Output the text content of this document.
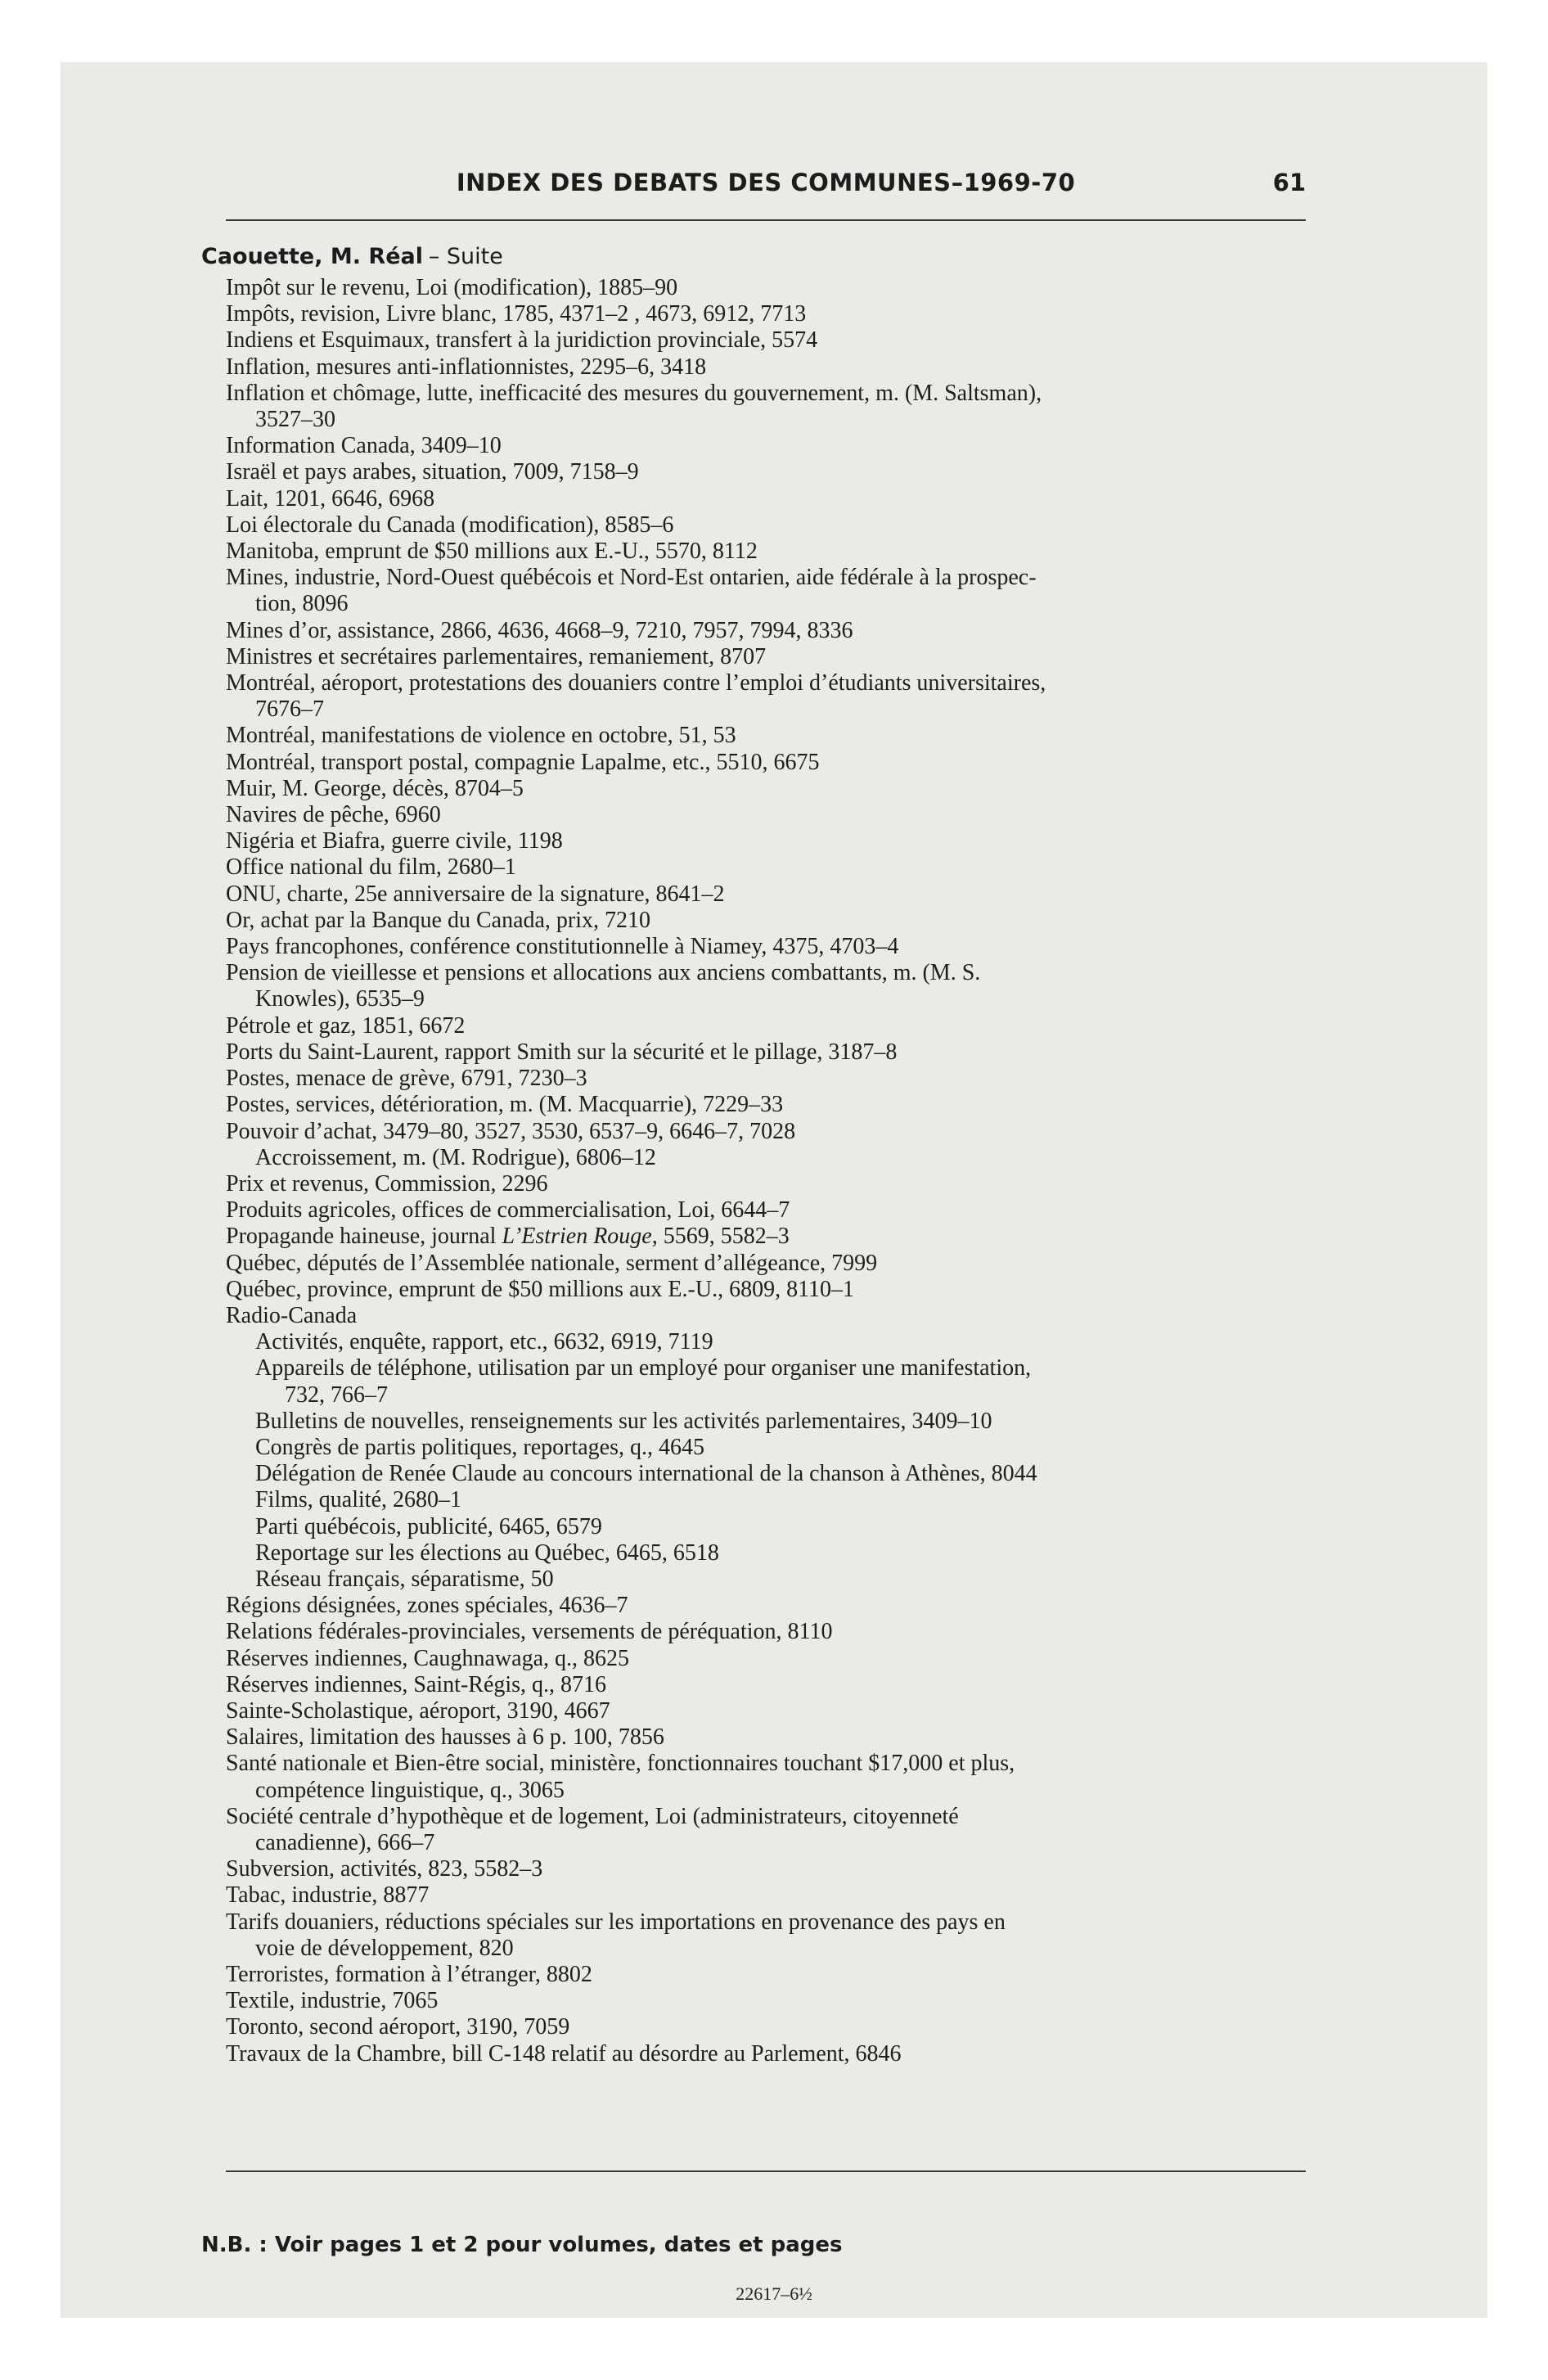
INDEX DES DEBATS DES COMMUNES–1969-70	61
Caouette, M. Réal – Suite
Impôt sur le revenu, Loi (modification), 1885–90
Impôts, revision, Livre blanc, 1785, 4371–2 , 4673, 6912, 7713
Indiens et Esquimaux, transfert à la juridiction provinciale, 5574
Inflation, mesures anti-inflationnistes, 2295–6, 3418
Inflation et chômage, lutte, inefficacité des mesures du gouvernement, m. (M. Saltsman),
3527–30
Information Canada, 3409–10
Israël et pays arabes, situation, 7009, 7158–9
Lait, 1201, 6646, 6968
Loi électorale du Canada (modification), 8585–6
Manitoba, emprunt de $50 millions aux E.-U., 5570, 8112
Mines, industrie, Nord-Ouest québécois et Nord-Est ontarien, aide fédérale à la prospec-
tion, 8096
Mines d’or, assistance, 2866, 4636, 4668–9, 7210, 7957, 7994, 8336
Ministres et secrétaires parlementaires, remaniement, 8707
Montréal, aéroport, protestations des douaniers contre l’emploi d’étudiants universitaires,
7676–7
Montréal, manifestations de violence en octobre, 51, 53
Montréal, transport postal, compagnie Lapalme, etc., 5510, 6675
Muir, M. George, décès, 8704–5
Navires de pêche, 6960
Nigéria et Biafra, guerre civile, 1198
Office national du film, 2680–1
ONU, charte, 25e anniversaire de la signature, 8641–2
Or, achat par la Banque du Canada, prix, 7210
Pays francophones, conférence constitutionnelle à Niamey, 4375, 4703–4
Pension de vieillesse et pensions et allocations aux anciens combattants, m. (M. S.
Knowles), 6535–9
Pétrole et gaz, 1851, 6672
Ports du Saint-Laurent, rapport Smith sur la sécurité et le pillage, 3187–8
Postes, menace de grève, 6791, 7230–3
Postes, services, détérioration, m. (M. Macquarrie), 7229–33
Pouvoir d’achat, 3479–80, 3527, 3530, 6537–9, 6646–7, 7028
Accroissement, m. (M. Rodrigue), 6806–12
Prix et revenus, Commission, 2296
Produits agricoles, offices de commercialisation, Loi, 6644–7
Propagande haineuse, journal L’Estrien Rouge, 5569, 5582–3
Québec, députés de l’Assemblée nationale, serment d’allégeance, 7999
Québec, province, emprunt de $50 millions aux E.-U., 6809, 8110–1
Radio-Canada
Activités, enquête, rapport, etc., 6632, 6919, 7119
Appareils de téléphone, utilisation par un employé pour organiser une manifestation,
732, 766–7
Bulletins de nouvelles, renseignements sur les activités parlementaires, 3409–10
Congrès de partis politiques, reportages, q., 4645
Délégation de Renée Claude au concours international de la chanson à Athènes, 8044
Films, qualité, 2680–1
Parti québécois, publicité, 6465, 6579
Reportage sur les élections au Québec, 6465, 6518
Réseau français, séparatisme, 50
Régions désignées, zones spéciales, 4636–7
Relations fédérales-provinciales, versements de péréquation, 8110
Réserves indiennes, Caughnawaga, q., 8625
Réserves indiennes, Saint-Régis, q., 8716
Sainte-Scholastique, aéroport, 3190, 4667
Salaires, limitation des hausses à 6 p. 100, 7856
Santé nationale et Bien-être social, ministère, fonctionnaires touchant $17,000 et plus,
compétence linguistique, q., 3065
Société centrale d’hypothèque et de logement, Loi (administrateurs, citoyenneté
canadienne), 666–7
Subversion, activités, 823, 5582–3
Tabac, industrie, 8877
Tarifs douaniers, réductions spéciales sur les importations en provenance des pays en
voie de développement, 820
Terroristes, formation à l’étranger, 8802
Textile, industrie, 7065
Toronto, second aéroport, 3190, 7059
Travaux de la Chambre, bill C-148 relatif au désordre au Parlement, 6846
N.B. : Voir pages 1 et 2 pour volumes, dates et pages
22617–6½
